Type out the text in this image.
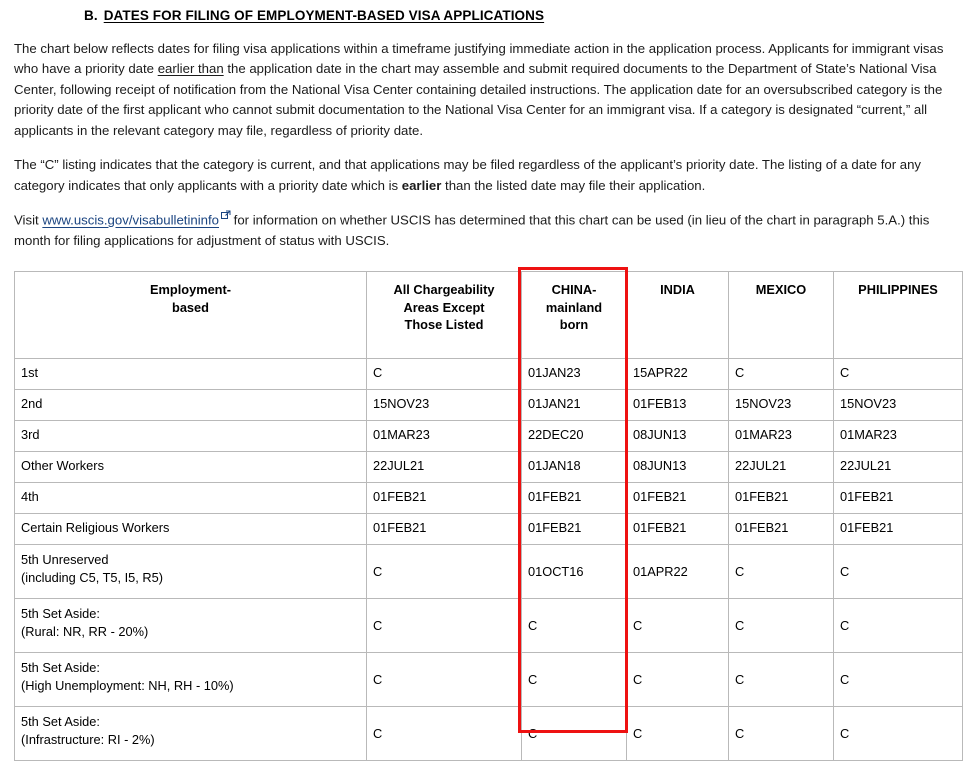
B. DATES FOR FILING OF EMPLOYMENT-BASED VISA APPLICATIONS

The chart below reflects dates for filing visa applications within a timeframe justifying immediate action in the application process. Applicants for immigrant visas who have a priority date earlier than the application date in the chart may assemble and submit required documents to the Department of State’s National Visa Center, following receipt of notification from the National Visa Center containing detailed instructions. The application date for an oversubscribed category is the priority date of the first applicant who cannot submit documentation to the National Visa Center for an immigrant visa. If a category is designated “current,” all applicants in the relevant category may file, regardless of priority date.

The “C” listing indicates that the category is current, and that applications may be filed regardless of the applicant’s priority date. The listing of a date for any category indicates that only applicants with a priority date which is earlier than the listed date may file their application.

Visit www.uscis.gov/visabulletininfo
for information on whether USCIS has determined that this chart can be used (in lieu of the chart in paragraph 5.A.) this month for filing applications for adjustment of status with USCIS.

Employment-
based	All Chargeability
Areas Except
Those Listed	CHINA-
mainland
born	INDIA	MEXICO	PHILIPPINES
1st	C	01JAN23	15APR22	C	C
2nd	15NOV23	01JAN21	01FEB13	15NOV23	15NOV23
3rd	01MAR23	22DEC20	08JUN13	01MAR23	01MAR23
Other Workers	22JUL21	01JAN18	08JUN13	22JUL21	22JUL21
4th	01FEB21	01FEB21	01FEB21	01FEB21	01FEB21
Certain Religious Workers	01FEB21	01FEB21	01FEB21	01FEB21	01FEB21
5th Unreserved
(including C5, T5, I5, R5)	C	01OCT16	01APR22	C	C
5th Set Aside:
(Rural: NR, RR - 20%)	C	C	C	C	C
5th Set Aside:
(High Unemployment: NH, RH - 10%)	C	C	C	C	C
5th Set Aside:
(Infrastructure: RI - 2%)	C	C	C	C	C
